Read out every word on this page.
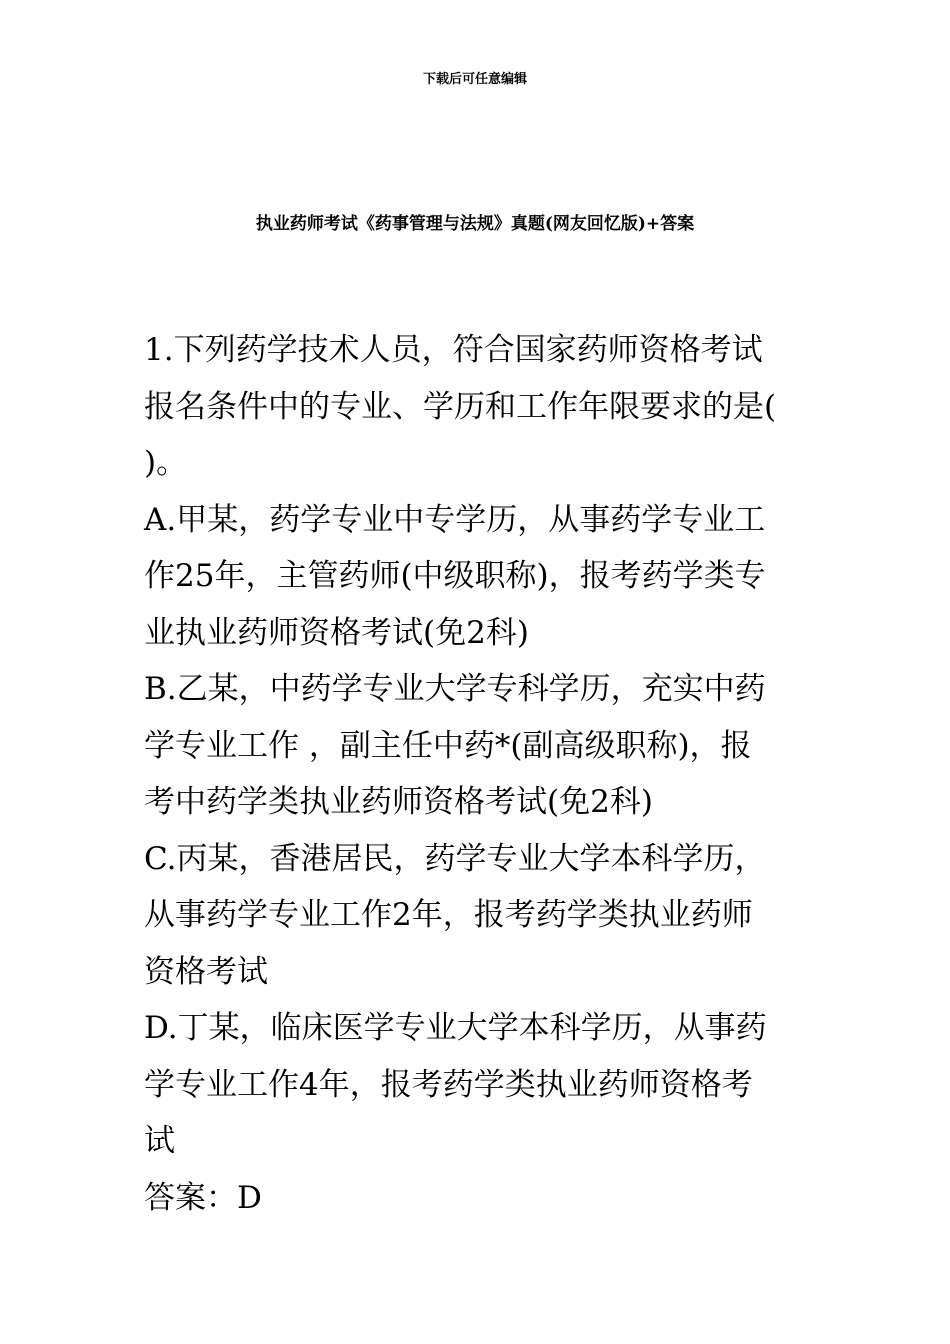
下载后可任意编辑
执业药师考试《药事管理与法规》真题(网友回忆版)+答案
1.下列药学技术人员，符合国家药师资格考试
报名条件中的专业、学历和工作年限要求的是(
)。
A.甲某，药学专业中专学历，从事药学专业工
作25年，主管药师(中级职称)，报考药学类专
业执业药师资格考试(免2科)
B.乙某，中药学专业大学专科学历，充实中药
学专业工作 ，副主任中药*(副高级职称)，报
考中药学类执业药师资格考试(免2科)
C.丙某，香港居民，药学专业大学本科学历，
从事药学专业工作2年，报考药学类执业药师
资格考试
D.丁某，临床医学专业大学本科学历，从事药
学专业工作4年，报考药学类执业药师资格考
试
答案：D
